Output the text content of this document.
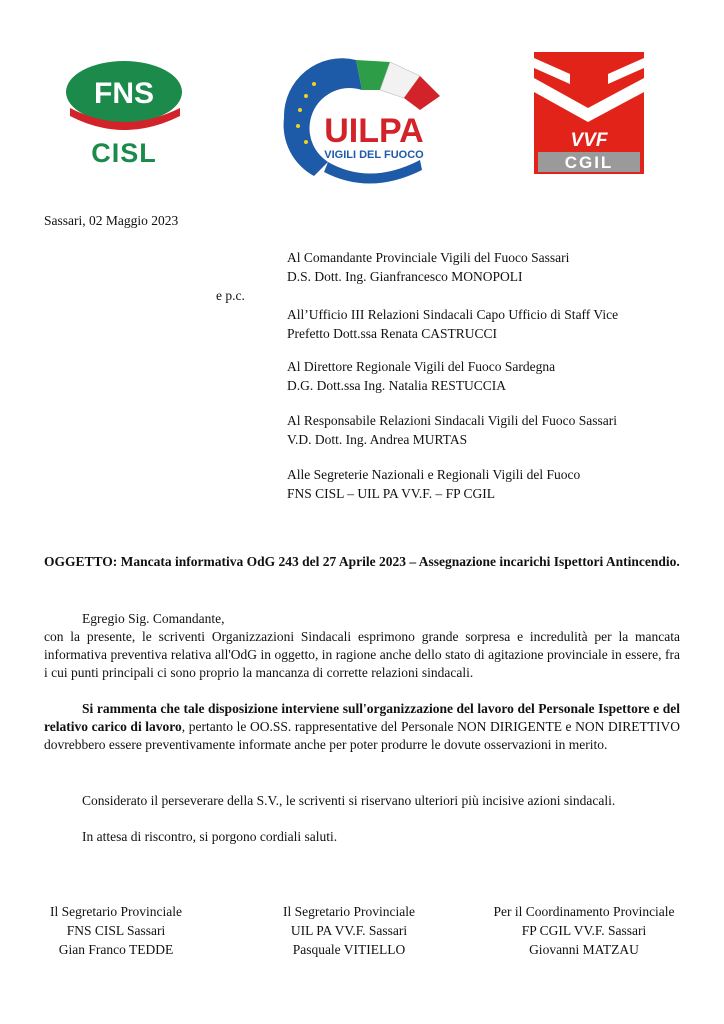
FNS
CISL
UILPA
VIGILI DEL FUOCO
VVF
CGIL
Sassari, 02 Maggio 2023
e p.c.
Al Comandante Provinciale Vigili del Fuoco Sassari
D.S. Dott. Ing. Gianfrancesco MONOPOLI
All’Ufficio III Relazioni Sindacali Capo Ufficio di Staff Vice
Prefetto Dott.ssa Renata CASTRUCCI
Al Direttore Regionale Vigili del Fuoco Sardegna
D.G. Dott.ssa Ing. Natalia RESTUCCIA
Al Responsabile Relazioni Sindacali Vigili del Fuoco Sassari
V.D. Dott. Ing. Andrea MURTAS
Alle Segreterie Nazionali e Regionali Vigili del Fuoco
FNS CISL – UIL PA VV.F. – FP CGIL
OGGETTO: Mancata informativa OdG 243 del 27 Aprile 2023 – Assegnazione incarichi Ispettori Antincendio.
Egregio Sig. Comandante,
con la presente, le scriventi Organizzazioni Sindacali esprimono grande sorpresa e incredulità per la mancata informativa preventiva relativa all'OdG in oggetto, in ragione anche dello stato di agitazione provinciale in essere, fra i cui punti principali ci sono proprio la mancanza di corrette relazioni sindacali.
Si rammenta che tale disposizione interviene sull'organizzazione del lavoro del Personale Ispettore e del relativo carico di lavoro, pertanto le OO.SS. rappresentative del Personale NON DIRIGENTE e NON DIRETTIVO dovrebbero essere preventivamente informate anche per poter produrre le dovute osservazioni in merito.
Considerato il perseverare della S.V., le scriventi si riservano ulteriori più incisive azioni sindacali.
In attesa di riscontro, si porgono cordiali saluti.
Il Segretario Provinciale
FNS CISL Sassari
Gian Franco TEDDE
Il Segretario Provinciale
UIL PA VV.F. Sassari
Pasquale VITIELLO
Per il Coordinamento Provinciale
FP CGIL VV.F. Sassari
Giovanni MATZAU
